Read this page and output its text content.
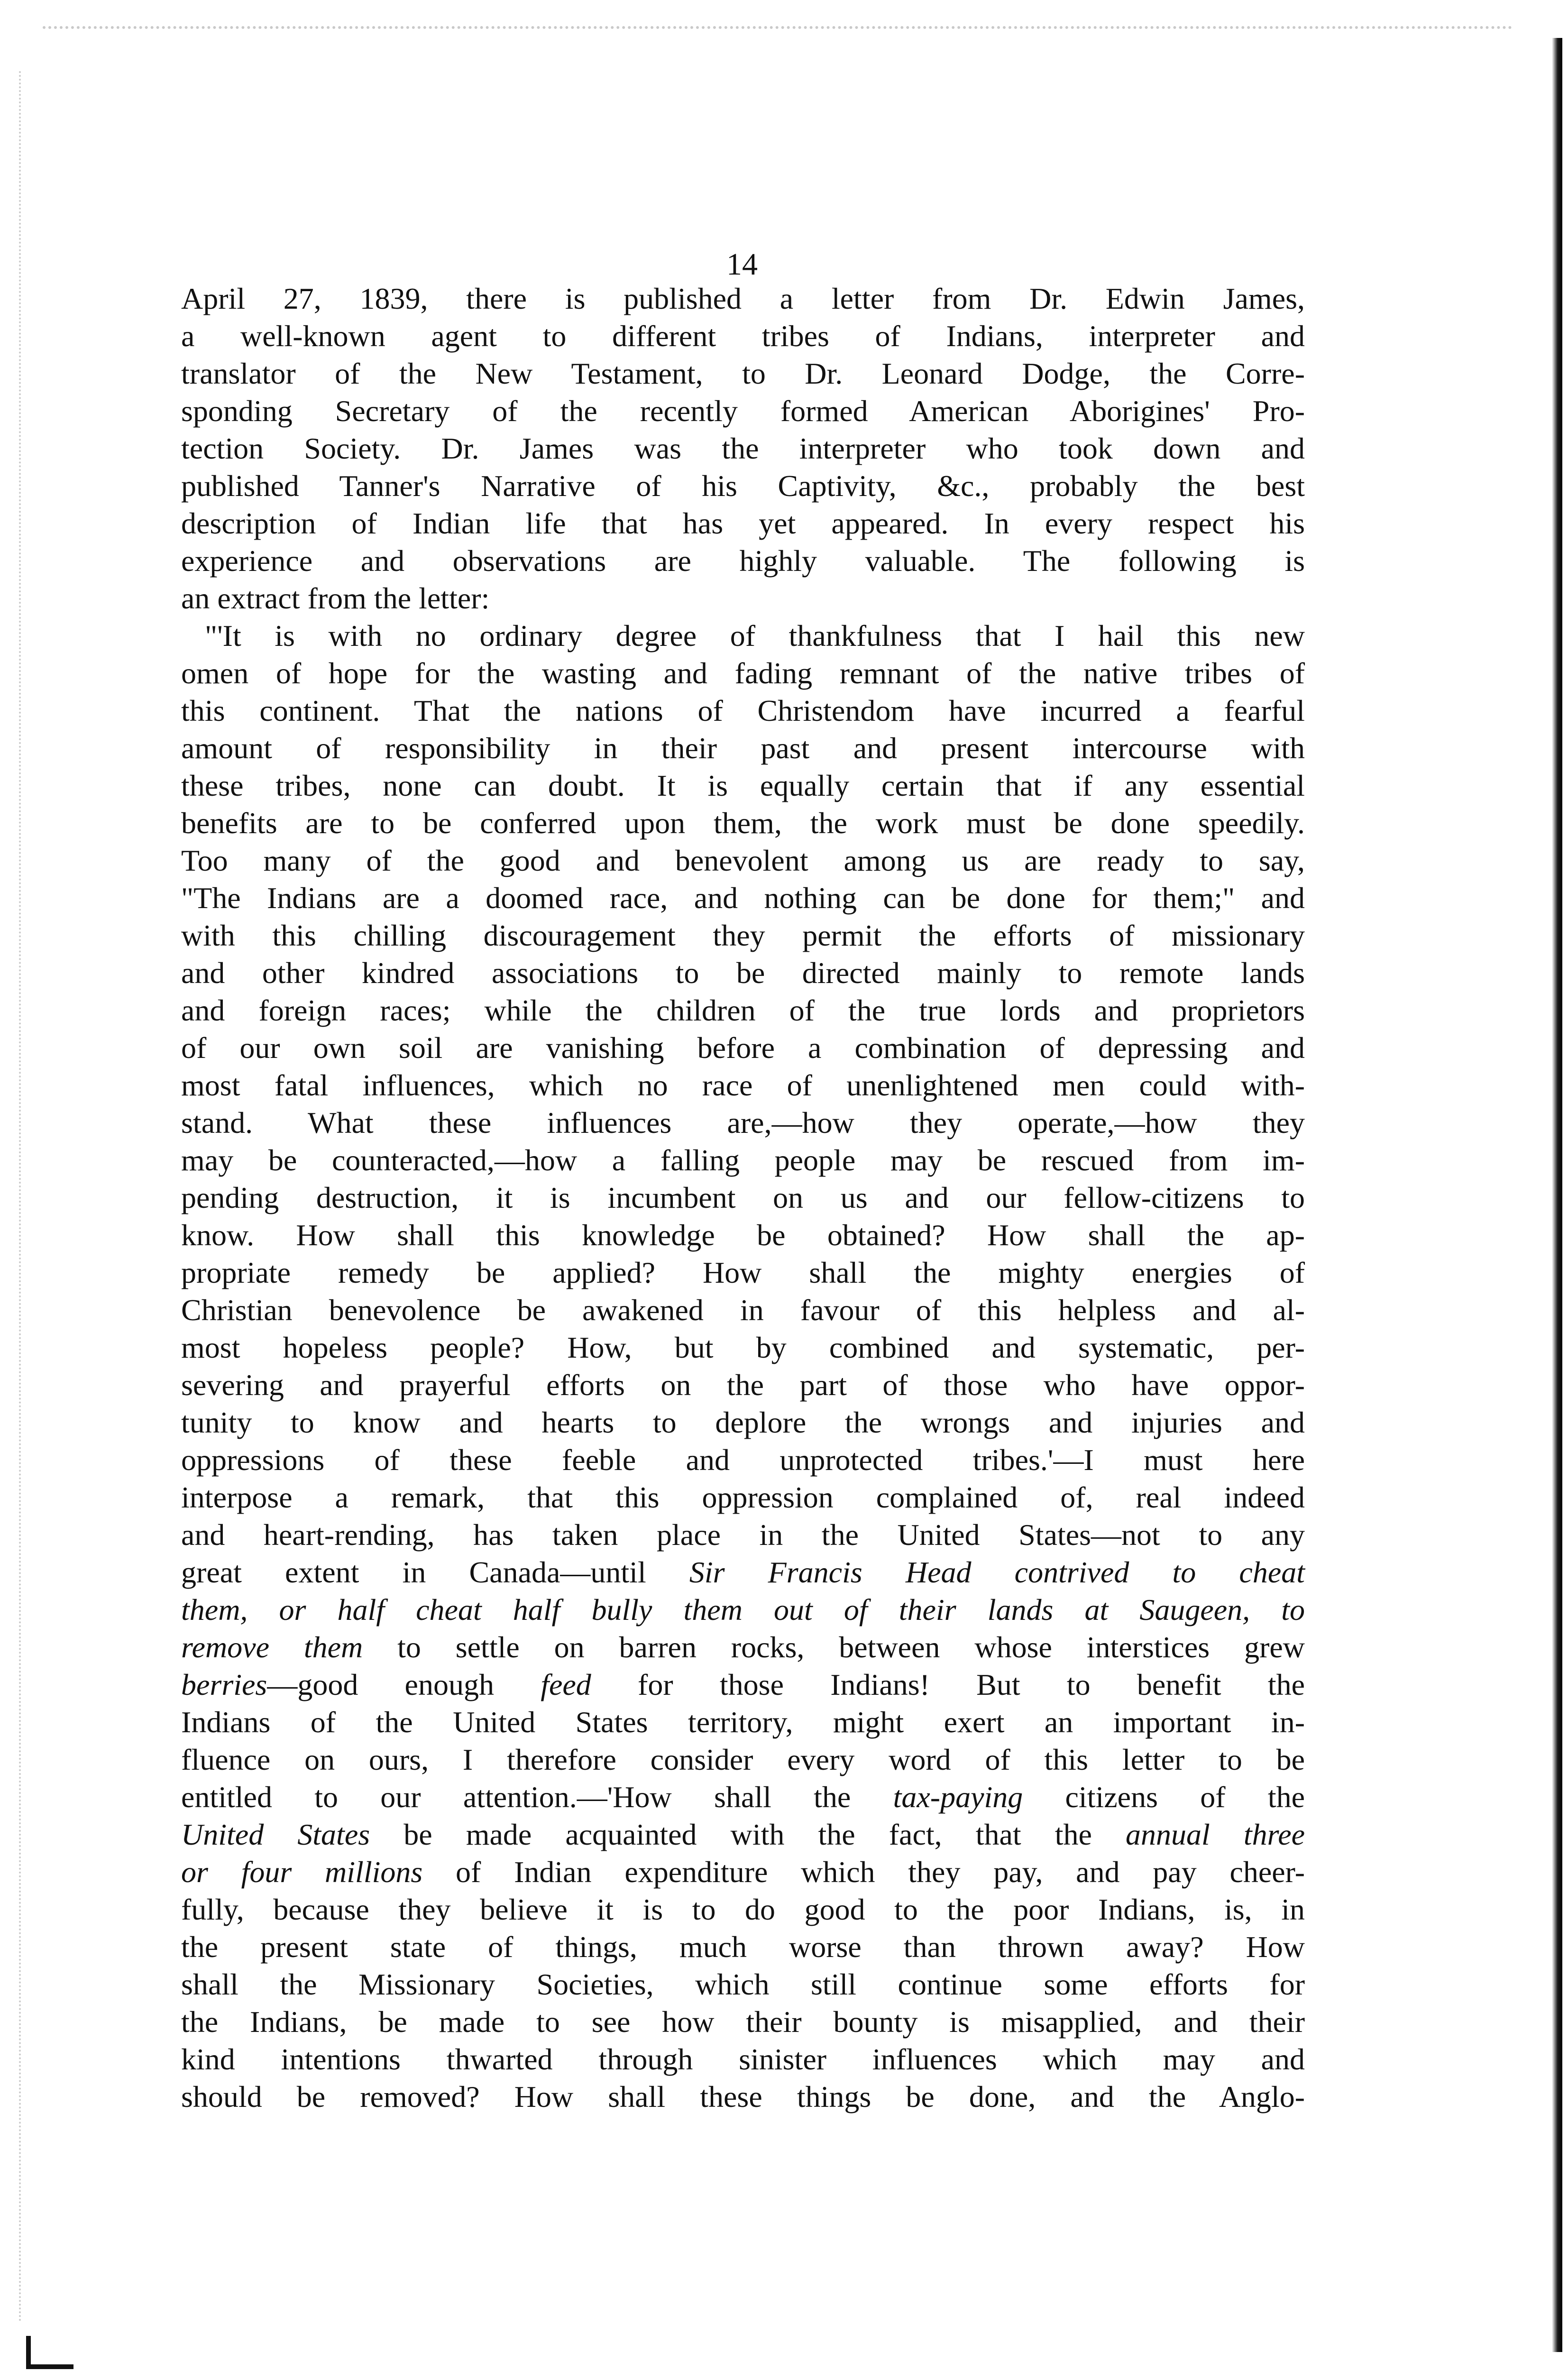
14
April 27, 1839, there is published a letter from Dr. Edwin James,
a well-known agent to different tribes of Indians, interpreter and
translator of the New Testament, to Dr. Leonard Dodge, the Corre-
sponding Secretary of the recently formed American Aborigines' Pro-
tection Society. Dr. James was the interpreter who took down and
published Tanner's Narrative of his Captivity, &c., probably the best
description of Indian life that has yet appeared. In every respect his
experience and observations are highly valuable. The following is
an extract from the letter:
"'It is with no ordinary degree of thankfulness that I hail this new
omen of hope for the wasting and fading remnant of the native tribes of
this continent. That the nations of Christendom have incurred a fearful
amount of responsibility in their past and present intercourse with
these tribes, none can doubt. It is equally certain that if any essential
benefits are to be conferred upon them, the work must be done speedily.
Too many of the good and benevolent among us are ready to say,
"The Indians are a doomed race, and nothing can be done for them;" and
with this chilling discouragement they permit the efforts of missionary
and other kindred associations to be directed mainly to remote lands
and foreign races; while the children of the true lords and proprietors
of our own soil are vanishing before a combination of depressing and
most fatal influences, which no race of unenlightened men could with-
stand. What these influences are,—how they operate,—how they
may be counteracted,—how a falling people may be rescued from im-
pending destruction, it is incumbent on us and our fellow-citizens to
know. How shall this knowledge be obtained? How shall the ap-
propriate remedy be applied? How shall the mighty energies of
Christian benevolence be awakened in favour of this helpless and al-
most hopeless people? How, but by combined and systematic, per-
severing and prayerful efforts on the part of those who have oppor-
tunity to know and hearts to deplore the wrongs and injuries and
oppressions of these feeble and unprotected tribes.'—I must here
interpose a remark, that this oppression complained of, real indeed
and heart-rending, has taken place in the United States—not to any
great extent in Canada—until Sir Francis Head contrived to cheat
them, or half cheat half bully them out of their lands at Saugeen, to
remove them to settle on barren rocks, between whose interstices grew
berries—good enough feed for those Indians! But to benefit the
Indians of the United States territory, might exert an important in-
fluence on ours, I therefore consider every word of this letter to be
entitled to our attention.—'How shall the tax-paying citizens of the
United States be made acquainted with the fact, that the annual three
or four millions of Indian expenditure which they pay, and pay cheer-
fully, because they believe it is to do good to the poor Indians, is, in
the present state of things, much worse than thrown away? How
shall the Missionary Societies, which still continue some efforts for
the Indians, be made to see how their bounty is misapplied, and their
kind intentions thwarted through sinister influences which may and
should be removed? How shall these things be done, and the Anglo-
